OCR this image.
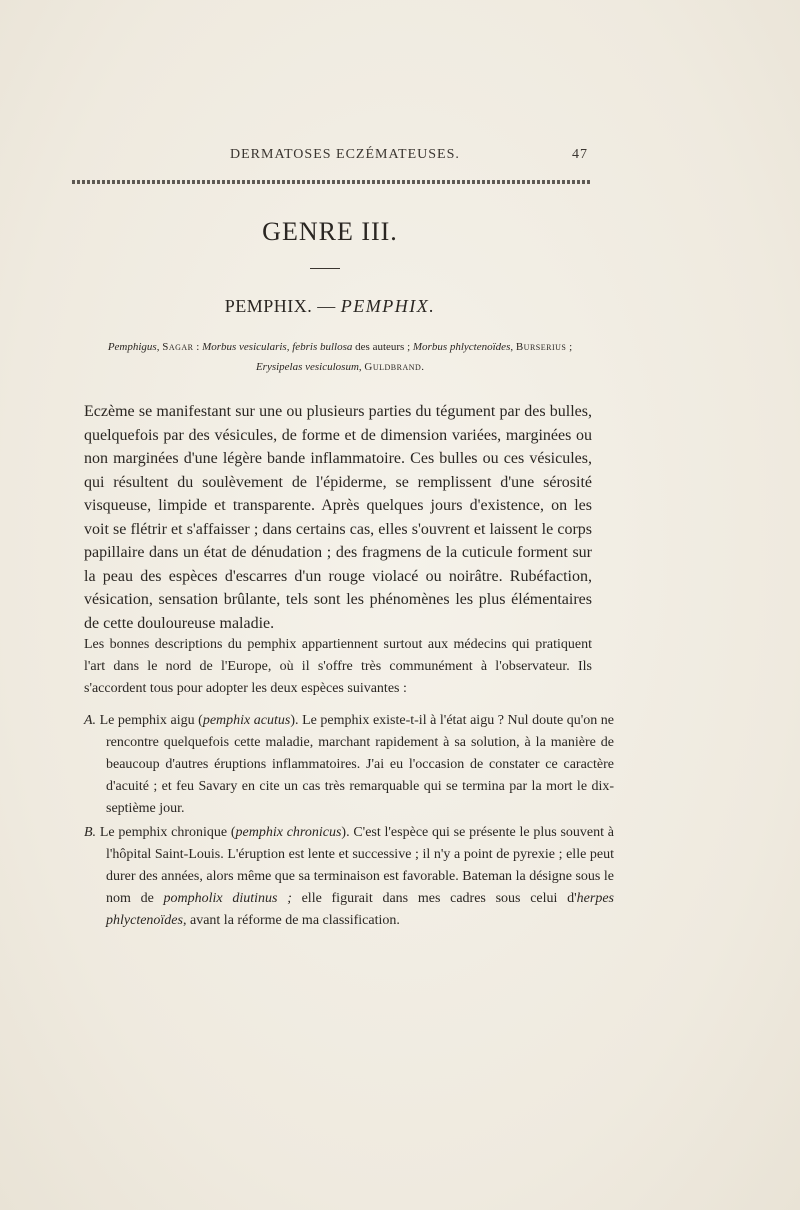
DERMATOSES ECZÉMATEUSES.	47
GENRE III.
PEMPHIX. — PEMPHIX.
Pemphigus, Sagar : Morbus vesicularis, febris bullosa des auteurs ; Morbus phlyctenoïdes, Burserius ;
Erysipelas vesiculosum, Guldbrand.
Eczème se manifestant sur une ou plusieurs parties du tégument par des bulles, quelquefois par des vésicules, de forme et de dimension variées, marginées ou non marginées d'une légère bande inflammatoire. Ces bulles ou ces vésicules, qui résultent du soulèvement de l'épiderme, se remplissent d'une sérosité visqueuse, limpide et transparente. Après quelques jours d'existence, on les voit se flétrir et s'affaisser ; dans certains cas, elles s'ouvrent et laissent le corps papillaire dans un état de dénudation ; des fragmens de la cuticule forment sur la peau des espèces d'escarres d'un rouge violacé ou noirâtre. Rubéfaction, vésication, sensation brûlante, tels sont les phénomènes les plus élémentaires de cette douloureuse maladie.
Les bonnes descriptions du pemphix appartiennent surtout aux médecins qui pratiquent l'art dans le nord de l'Europe, où il s'offre très communément à l'observateur. Ils s'accordent tous pour adopter les deux espèces suivantes :
A. Le pemphix aigu (pemphix acutus). Le pemphix existe-t-il à l'état aigu ? Nul doute qu'on ne rencontre quelquefois cette maladie, marchant rapidement à sa solution, à la manière de beaucoup d'autres éruptions inflammatoires. J'ai eu l'occasion de constater ce caractère d'acuité ; et feu Savary en cite un cas très remarquable qui se termina par la mort le dix-septième jour.
B. Le pemphix chronique (pemphix chronicus). C'est l'espèce qui se présente le plus souvent à l'hôpital Saint-Louis. L'éruption est lente et successive ; il n'y a point de pyrexie ; elle peut durer des années, alors même que sa terminaison est favorable. Bateman la désigne sous le nom de pompholix diutinus ; elle figurait dans mes cadres sous celui d'herpes phlyctenoïdes, avant la réforme de ma classification.
